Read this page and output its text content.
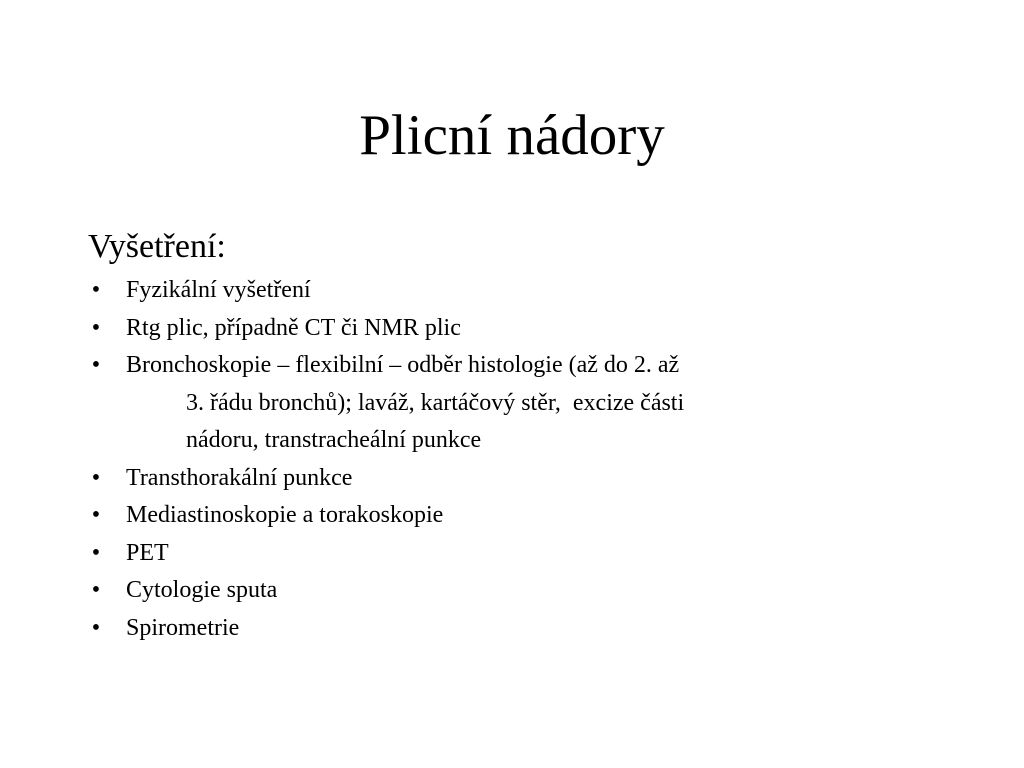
Plicní nádory
Vyšetření:
• Fyzikální vyšetření
• Rtg plic, případně CT či NMR plic
• Bronchoskopie – flexibilní – odběr histologie (až do 2. až
3. řádu bronchů); laváž, kartáčový stěr,  excize části
nádoru, transtracheální punkce
• Transthorakální punkce
• Mediastinoskopie a torakoskopie
• PET
• Cytologie sputa
• Spirometrie
